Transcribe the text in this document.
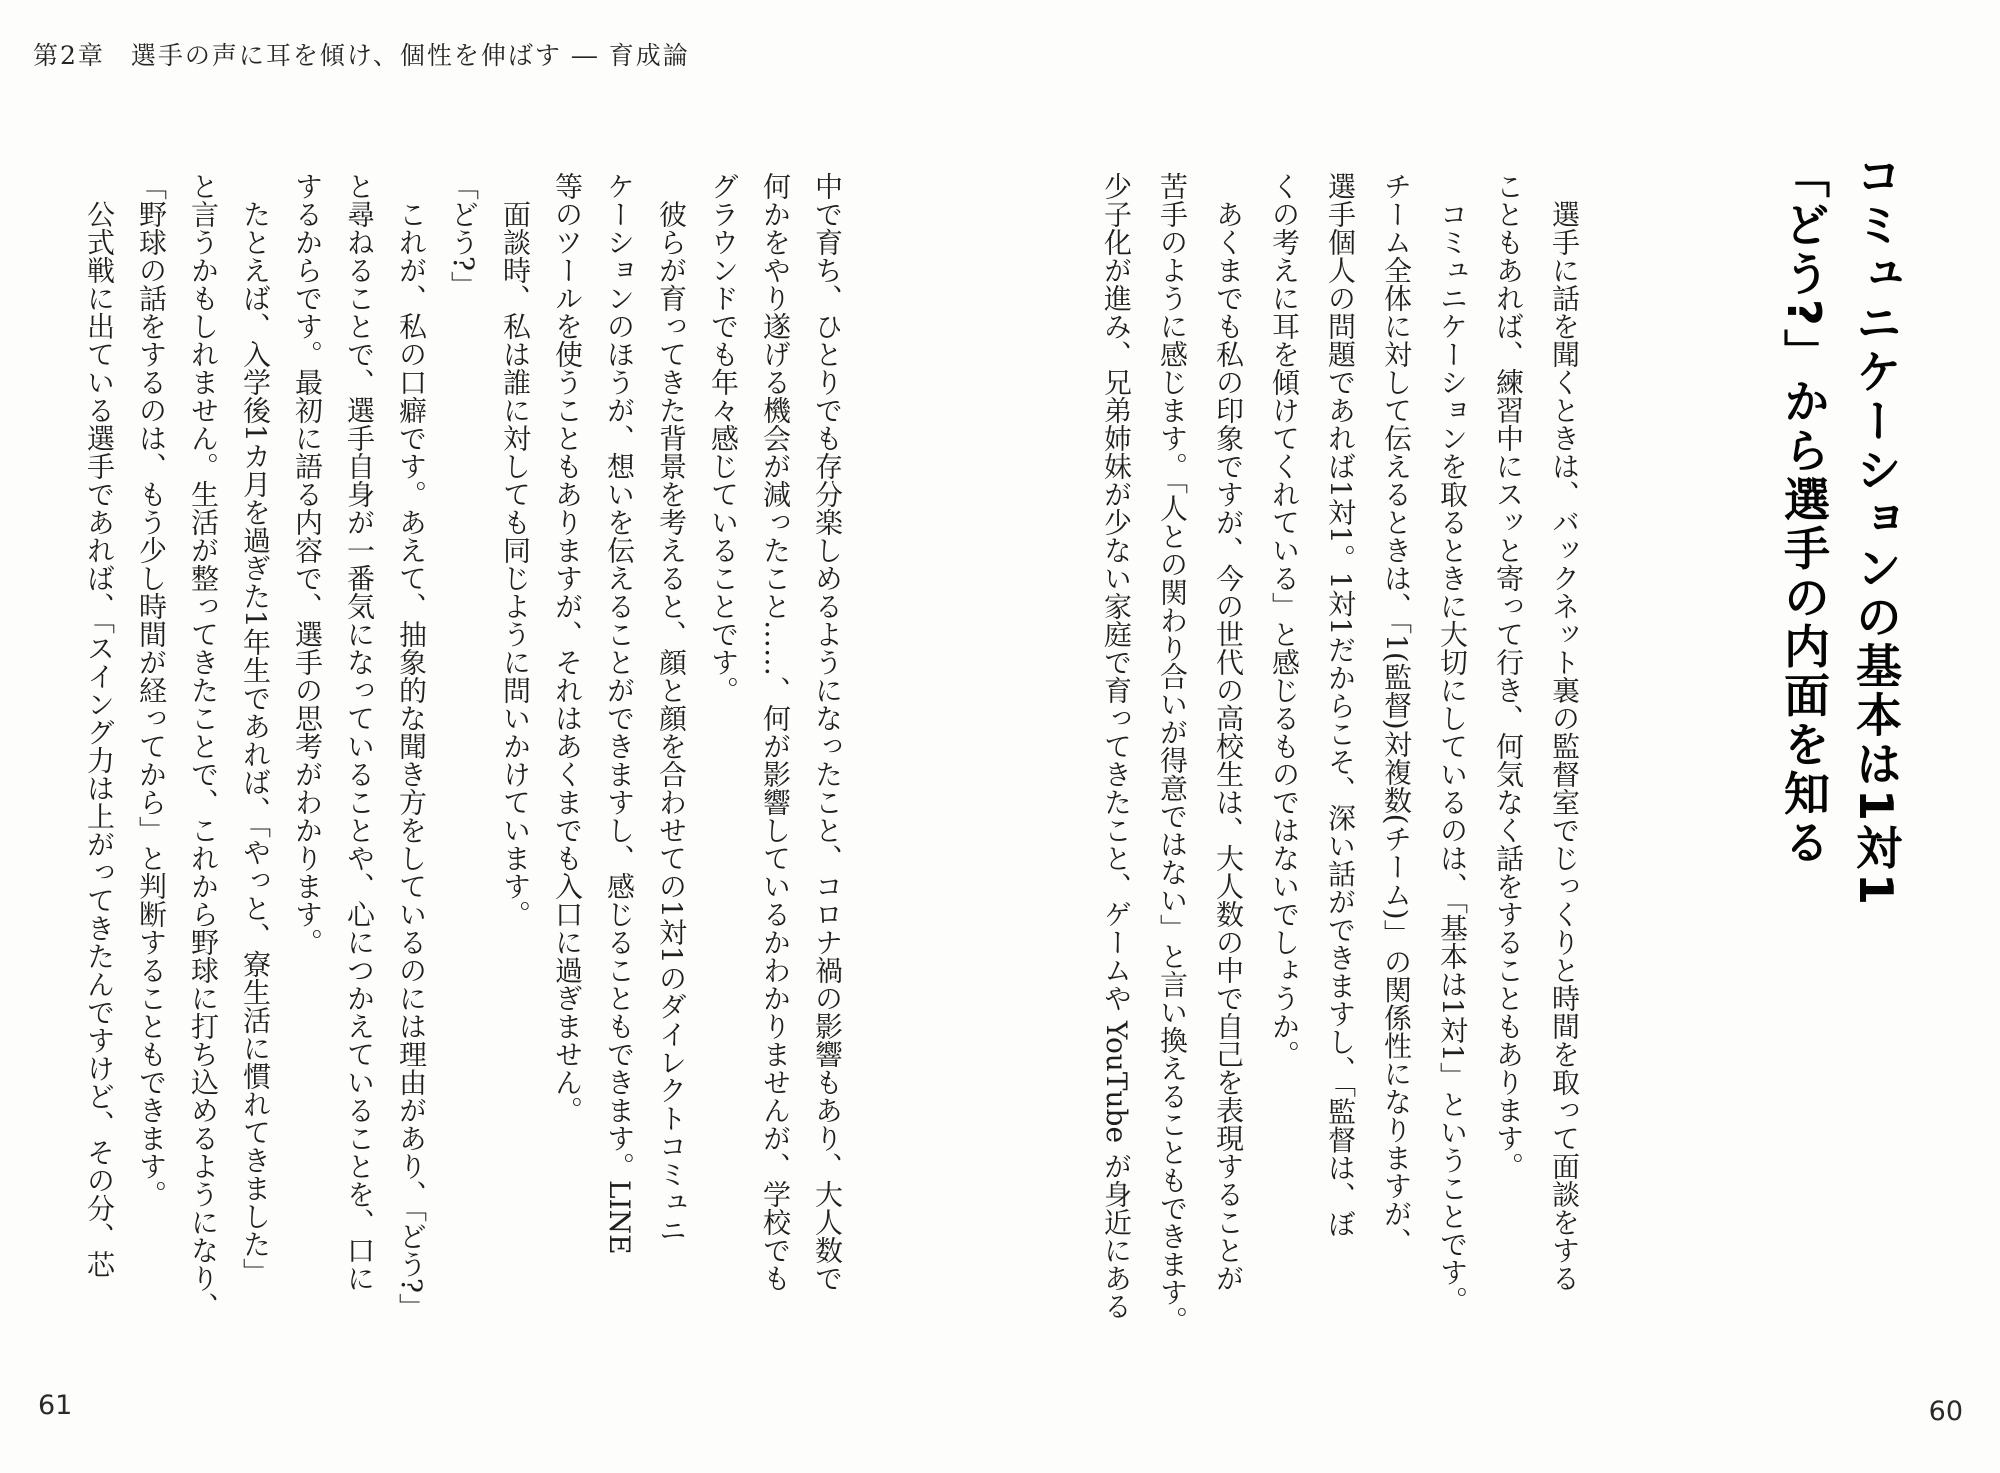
第2章 選手の声に耳を傾け、個性を伸ばす ― 育成論
コミュニケーションの基本は1対1
「どう?」から選手の内面を知る
選手に話を聞くときは、バックネット裏の監督室でじっくりと時間を取って面談をする
こともあれば、練習中にスッと寄って行き、何気なく話をすることもあります。
コミュニケーションを取るときに大切にしているのは、「基本は1対1」ということです。
チーム全体に対して伝えるときは、「1(監督)対複数(チーム)」の関係性になりますが、
選手個人の問題であれば1対1。1対1だからこそ、深い話ができますし、「監督は、ぼ
くの考えに耳を傾けてくれている」と感じるものではないでしょうか。
あくまでも私の印象ですが、今の世代の高校生は、大人数の中で自己を表現することが
苦手のように感じます。「人との関わり合いが得意ではない」と言い換えることもできます。
少子化が進み、兄弟姉妹が少ない家庭で育ってきたこと、ゲームや YouTube が身近にある
中で育ち、ひとりでも存分楽しめるようになったこと、コロナ禍の影響もあり、大人数で
何かをやり遂げる機会が減ったこと……、何が影響しているかわかりませんが、学校でも
グラウンドでも年々感じていることです。
彼らが育ってきた背景を考えると、顔と顔を合わせての1対1のダイレクトコミュニ
ケーションのほうが、想いを伝えることができますし、感じることもできます。LINE
等のツールを使うこともありますが、それはあくまでも入口に過ぎません。
面談時、私は誰に対しても同じように問いかけています。
「どう?」
これが、私の口癖です。あえて、抽象的な聞き方をしているのには理由があり、「どう?」
と尋ねることで、選手自身が一番気になっていることや、心につかえていることを、口に
するからです。最初に語る内容で、選手の思考がわかります。
たとえば、入学後1カ月を過ぎた1年生であれば、「やっと、寮生活に慣れてきました」
と言うかもしれません。生活が整ってきたことで、これから野球に打ち込めるようになり、
「野球の話をするのは、もう少し時間が経ってから」と判断することもできます。
公式戦に出ている選手であれば、「スイング力は上がってきたんですけど、その分、芯
61	60
